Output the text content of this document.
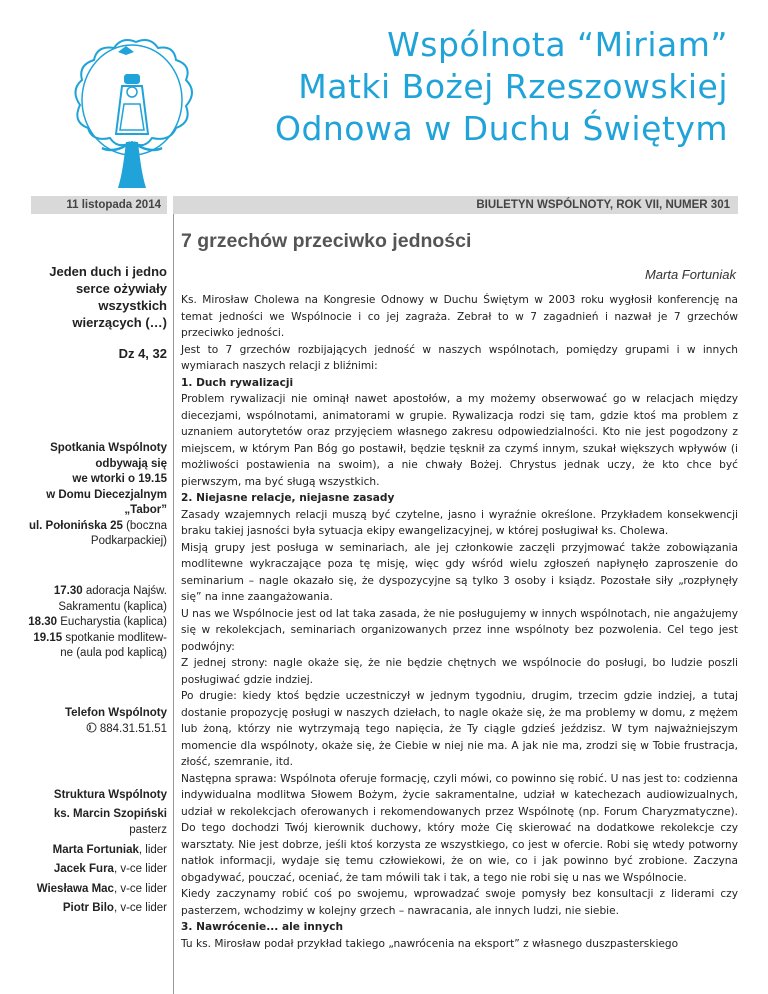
Wspólnota “Miriam”
Matki Bożej Rzeszowskiej
Odnowa w Duchu Świętym
11 listopada 2014	BIULETYN WSPÓLNOTY, ROK VII, NUMER 301
Jeden duch i jedno
serce ożywiały
wszystkich
wierzących (…)
Dz 4, 32
Spotkania Wspólnoty
odbywają się
we wtorki o 19.15
w Domu Diecezjalnym
„Tabor”
ul. Połonińska 25 (boczna
Podkarpackiej)
17.30 adoracja Najśw.
Sakramentu (kaplica)
18.30 Eucharystia (kaplica)
19.15 spotkanie modlitew-
ne (aula pod kaplicą)
Telefon Wspólnoty
884.31.51.51
Struktura Wspólnoty
ks. Marcin Szopiński
pasterz
Marta Fortuniak, lider
Jacek Fura, v-ce lider
Wiesława Mac, v-ce lider
Piotr Bilo, v-ce lider
7 grzechów przeciwko jedności
Marta Fortuniak

Ks. Mirosław Cholewa na Kongresie Odnowy w Duchu Świętym w 2003 roku wygłosił konferencję na temat jedności we Wspólnocie i co jej zagraża. Zebrał to w 7 zagadnień i nazwał je 7 grzechów przeciwko jedności.

Jest to 7 grzechów rozbijających jedność w naszych wspólnotach, pomiędzy grupami i w innych wymiarach naszych relacji z bliźnimi:

1. Duch rywalizacji

Problem rywalizacji nie ominął nawet apostołów, a my możemy obserwować go w relacjach między diecezjami, wspólnotami, animatorami w grupie. Rywalizacja rodzi się tam, gdzie ktoś ma problem z uznaniem autorytetów oraz przyjęciem własnego zakresu odpowiedzialności. Kto nie jest pogodzony z miejscem, w którym Pan Bóg go postawił, będzie tęsknił za czymś innym, szukał większych wpływów (i możliwości postawienia na swoim), a nie chwały Bożej. Chrystus jednak uczy, że kto chce być pierwszym, ma być sługą wszystkich.

2. Niejasne relacje, niejasne zasady

Zasady wzajemnych relacji muszą być czytelne, jasno i wyraźnie określone. Przykładem konsekwencji braku takiej jasności była sytuacja ekipy ewangelizacyjnej, w której posługiwał ks. Cholewa.

Misją grupy jest posługa w seminariach, ale jej członkowie zaczęli przyjmować także zobowiązania modlitewne wykraczające poza tę misję, więc gdy wśród wielu zgłoszeń napłynęło zaproszenie do seminarium – nagle okazało się, że dyspozycyjne są tylko 3 osoby i ksiądz. Pozostałe siły „rozpłynęły się” na inne zaangażowania.

U nas we Wspólnocie jest od lat taka zasada, że nie posługujemy w innych wspólnotach, nie angażujemy się w rekolekcjach, seminariach organizowanych przez inne wspólnoty bez pozwolenia. Cel tego jest podwójny:

Z jednej strony: nagle okaże się, że nie będzie chętnych we wspólnocie do posługi, bo ludzie poszli posługiwać gdzie indziej.

Po drugie: kiedy ktoś będzie uczestniczył w jednym tygodniu, drugim, trzecim gdzie indziej, a tutaj dostanie propozycję posługi w naszych dziełach, to nagle okaże się, że ma problemy w domu, z mężem lub żoną, którzy nie wytrzymają tego napięcia, że Ty ciągle gdzieś jeździsz. W tym najważniejszym momencie dla wspólnoty, okaże się, że Ciebie w niej nie ma. A jak nie ma, zrodzi się w Tobie frustracja, złość, szemranie, itd.

Następna sprawa: Wspólnota oferuje formację, czyli mówi, co powinno się robić. U nas jest to: codzienna indywidualna modlitwa Słowem Bożym, życie sakramentalne, udział w katechezach audiowizualnych, udział w rekolekcjach oferowanych i rekomendowanych przez Wspólnotę (np. Forum Charyzmatyczne). Do tego dochodzi Twój kierownik duchowy, który może Cię skierować na dodatkowe rekolekcje czy warsztaty. Nie jest dobrze, jeśli ktoś korzysta ze wszystkiego, co jest w ofercie. Robi się wtedy potworny natłok informacji, wydaje się temu człowiekowi, że on wie, co i jak powinno być zrobione. Zaczyna obgadywać, pouczać, oceniać, że tam mówili tak i tak, a tego nie robi się u nas we Wspólnocie.

Kiedy zaczynamy robić coś po swojemu, wprowadzać swoje pomysły bez konsultacji z liderami czy pasterzem, wchodzimy w kolejny grzech – nawracania, ale innych ludzi, nie siebie.

3. Nawrócenie... ale innych

Tu ks. Mirosław podał przykład takiego „nawrócenia na eksport” z własnego duszpasterskiego
